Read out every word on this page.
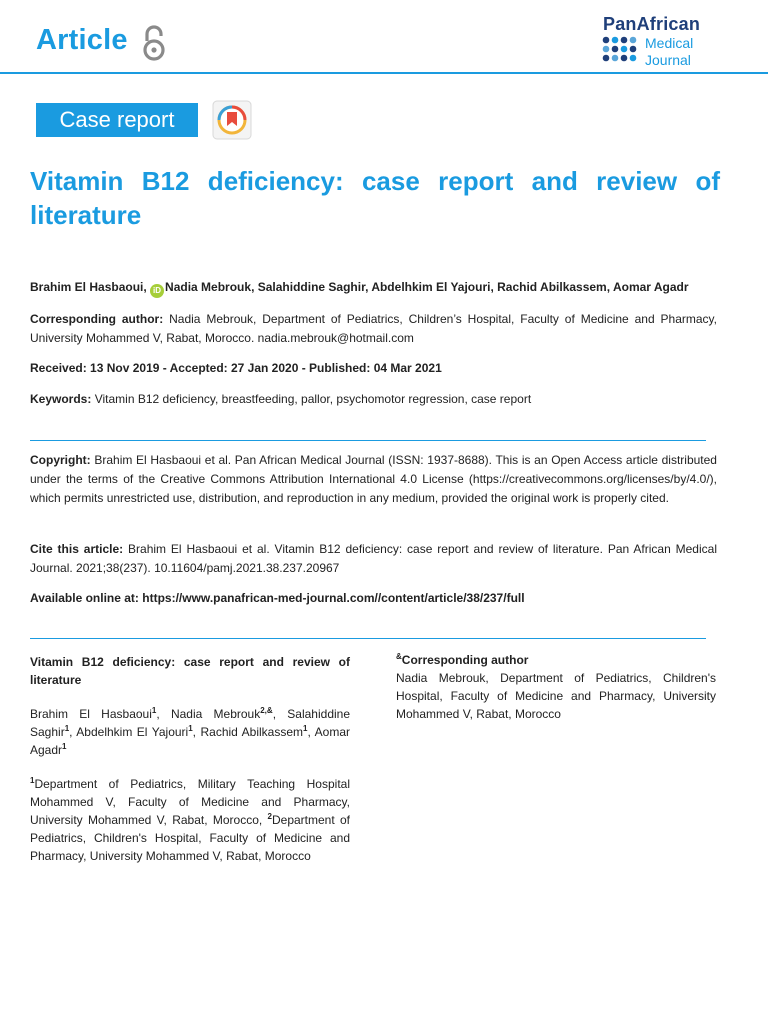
Article	PanAfrican
Medical
Journal
Case report
Vitamin B12 deficiency: case report and review of literature
Brahim El Hasbaoui, iD Nadia Mebrouk, Salahiddine Saghir, Abdelhkim El Yajouri, Rachid Abilkassem, Aomar Agadr
Corresponding author: Nadia Mebrouk, Department of Pediatrics, Children’s Hospital, Faculty of Medicine and Pharmacy, University Mohammed V, Rabat, Morocco. nadia.mebrouk@hotmail.com
Received: 13 Nov 2019 - Accepted: 27 Jan 2020 - Published: 04 Mar 2021
Keywords: Vitamin B12 deficiency, breastfeeding, pallor, psychomotor regression, case report
Copyright: Brahim El Hasbaoui et al. Pan African Medical Journal (ISSN: 1937-8688). This is an Open Access article distributed under the terms of the Creative Commons Attribution International 4.0 License (https://creativecommons.org/licenses/by/4.0/), which permits unrestricted use, distribution, and reproduction in any medium, provided the original work is properly cited.
Cite this article: Brahim El Hasbaoui et al. Vitamin B12 deficiency: case report and review of literature. Pan African Medical Journal. 2021;38(237). 10.11604/pamj.2021.38.237.20967
Available online at: https://www.panafrican-med-journal.com//content/article/38/237/full
Vitamin B12 deficiency: case report and review of literature
Brahim El Hasbaoui$^1$, Nadia Mebrouk$^{2,\&}$, Salahiddine Saghir$^1$, Abdelhkim El Yajouri$^1$, Rachid Abilkassem$^1$, Aomar Agadr$^1$
$^1$Department of Pediatrics, Military Teaching Hospital Mohammed V, Faculty of Medicine and Pharmacy, University Mohammed V, Rabat, Morocco, $^2$Department of Pediatrics, Children's Hospital, Faculty of Medicine and Pharmacy, University Mohammed V, Rabat, Morocco
&Corresponding author
Nadia Mebrouk, Department of Pediatrics, Children's Hospital, Faculty of Medicine and Pharmacy, University Mohammed V, Rabat, Morocco
